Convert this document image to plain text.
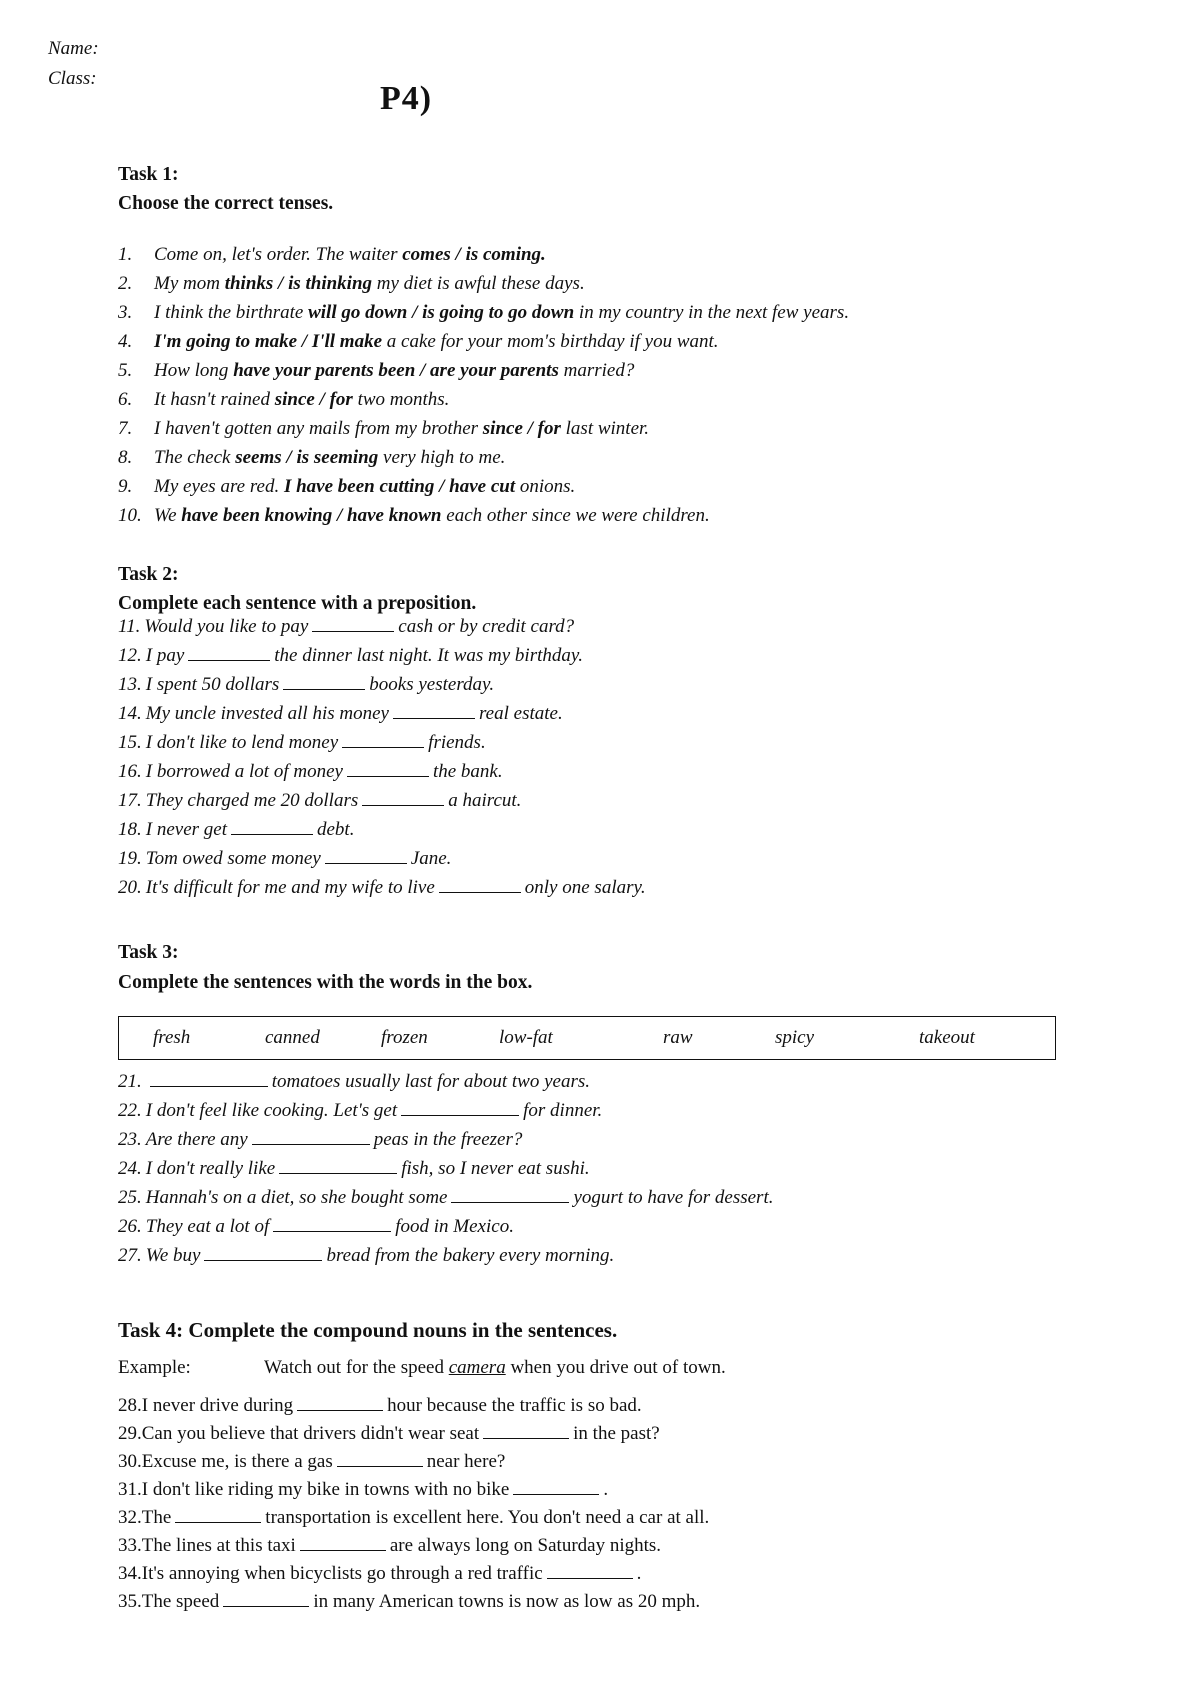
Name:
Class:
P4)
Task 1:
Choose the correct tenses.
1. Come on, let's order. The waiter comes / is coming.
2. My mom thinks / is thinking my diet is awful these days.
3. I think the birthrate will go down / is going to go down in my country in the next few years.
4. I'm going to make / I'll make a cake for your mom's birthday if you want.
5. How long have your parents been / are your parents married?
6. It hasn't rained since / for two months.
7. I haven't gotten any mails from my brother since / for last winter.
8. The check seems / is seeming very high to me.
9. My eyes are red. I have been cutting / have cut onions.
10. We have been knowing / have known each other since we were children.
Task 2:
Complete each sentence with a preposition.
11. Would you like to pay	cash or by credit card?
12. I pay	the dinner last night. It was my birthday.
13. I spent 50 dollars	books yesterday.
14. My uncle invested all his money	real estate.
15. I don't like to lend money	friends.
16. I borrowed a lot of money	the bank.
17. They charged me 20 dollars	a haircut.
18. I never get	debt.
19. Tom owed some money	Jane.
20. It's difficult for me and my wife to live	only one salary.
Task 3:
Complete the sentences with the words in the box.
fresh	canned	frozen	low-fat	raw	spicy	takeout
21.	tomatoes usually last for about two years.
22. I don't feel like cooking. Let's get	for dinner.
23. Are there any	peas in the freezer?
24. I don't really like	fish, so I never eat sushi.
25. Hannah's on a diet, so she bought some	yogurt to have for dessert.
26. They eat a lot of	food in Mexico.
27. We buy	bread from the bakery every morning.
Task 4: Complete the compound nouns in the sentences.
Example:	Watch out for the speed camera when you drive out of town.
28.I never drive during	hour because the traffic is so bad.
29.Can you believe that drivers didn't wear seat	in the past?
30.Excuse me, is there a gas	near here?
31.I don't like riding my bike in towns with no bike	.
32.The	transportation is excellent here. You don't need a car at all.
33.The lines at this taxi	are always long on Saturday nights.
34.It's annoying when bicyclists go through a red traffic	.
35.The speed	in many American towns is now as low as 20 mph.
